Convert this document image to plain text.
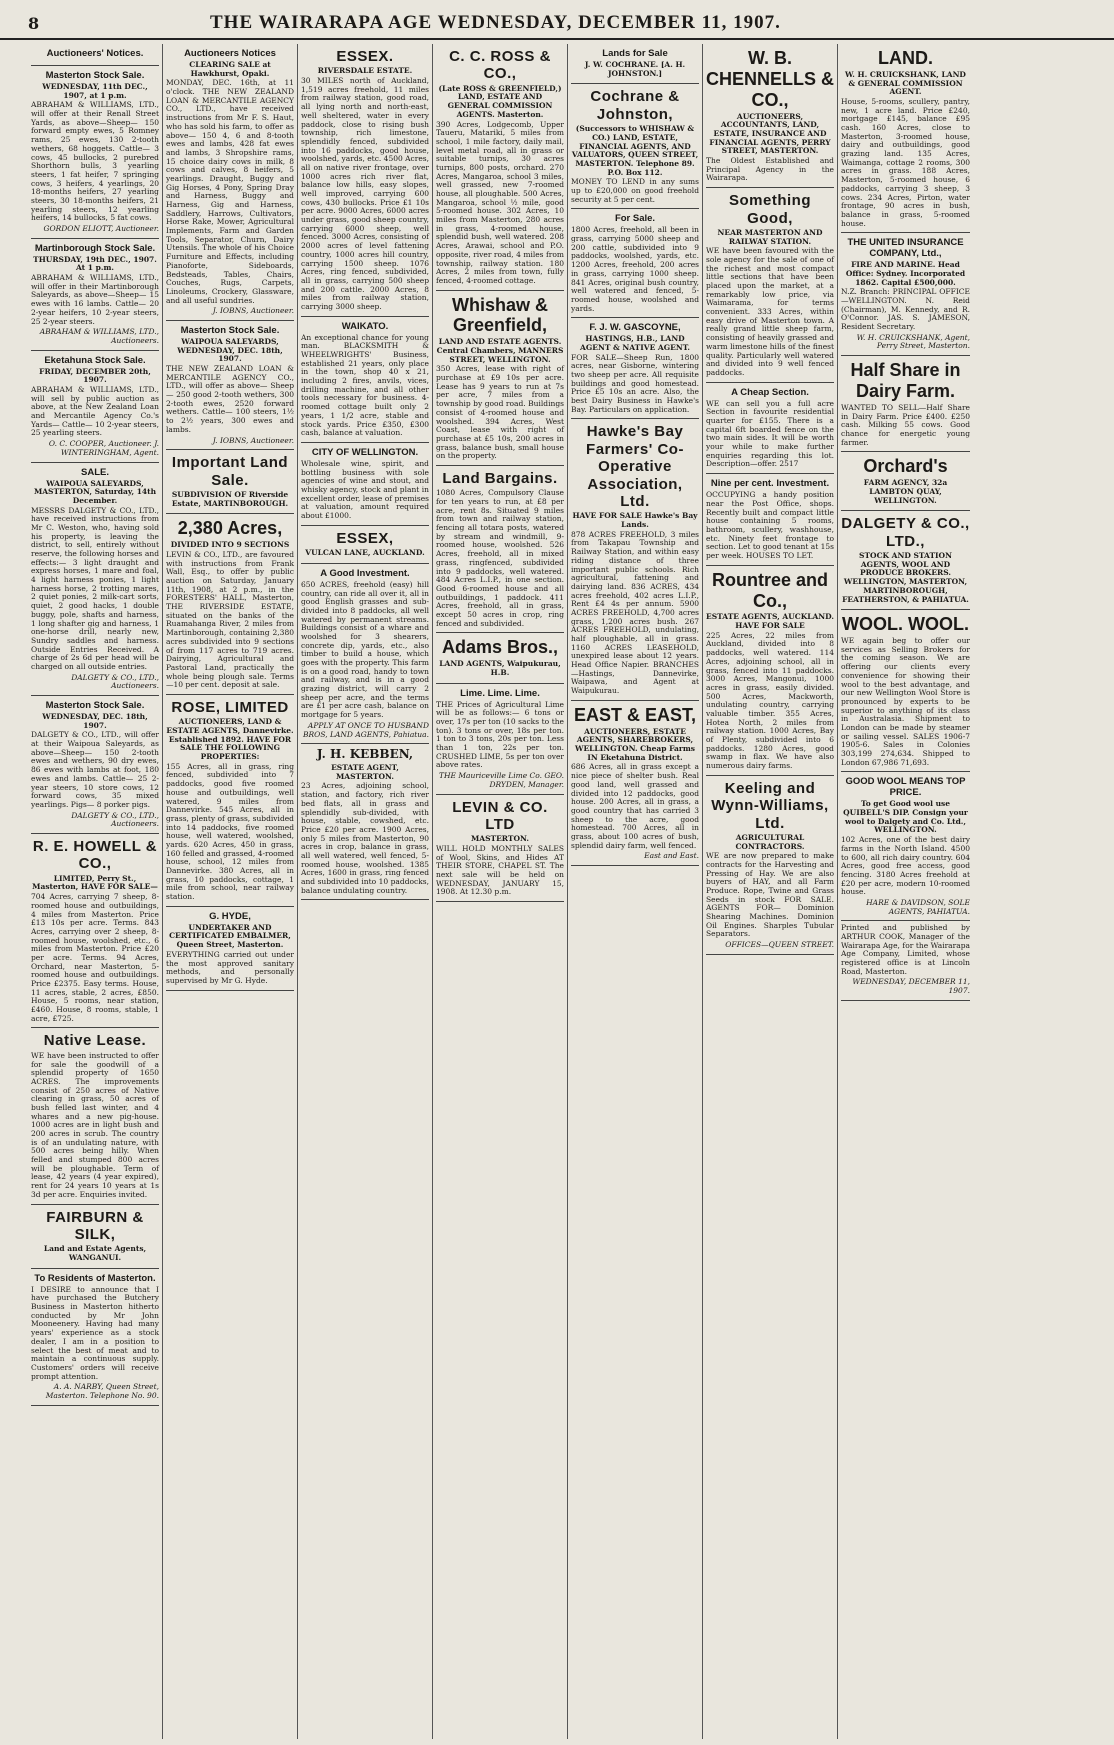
8	THE WAIRARAPA AGE WEDNESDAY, DECEMBER 11, 1907.
Auctioneers' Notices.
Masterton Stock Sale.
WEDNESDAY, 11th DEC., 1907, at 1 p.m.
ABRAHAM & WILLIAMS, LTD., will offer at their Renall Street Yards, as above—Sheep— 150 forward empty ewes, 5 Romney rams, 25 ewes, 130 2-tooth wethers, 68 hoggets. Cattle— 3 cows, 45 bullocks, 2 purebred Shorthorn bulls, 3 yearling steers, 1 fat heifer, 7 springing cows, 3 heifers, 4 yearlings, 20 18-months heifers, 27 yearling steers, 30 18-months heifers, 21 yearling steers, 12 yearling heifers, 14 bullocks, 5 fat cows.
GORDON ELIOTT, Auctioneer.
Martinborough Stock Sale.
THURSDAY, 19th DEC., 1907. At 1 p.m.
ABRAHAM & WILLIAMS, LTD., will offer in their Martinborough Saleyards, as above—Sheep— 15 ewes with 16 lambs. Cattle— 20 2-year heifers, 10 2-year steers, 25 2-year steers.
ABRAHAM & WILLIAMS, LTD., Auctioneers.
Eketahuna Stock Sale.
FRIDAY, DECEMBER 20th, 1907.
ABRAHAM & WILLIAMS, LTD., will sell by public auction as above, at the New Zealand Loan and Mercantile Agency Co.'s Yards— Cattle— 10 2-year steers, 25 yearling steers.
O. C. COOPER, Auctioneer. J. WINTERINGHAM, Agent.
SALE.
WAIPOUA SALEYARDS, MASTERTON, Saturday, 14th December.
MESSRS DALGETY & CO., LTD., have received instructions from Mr C. Weston, who, having sold his property, is leaving the district, to sell, entirely without reserve, the following horses and effects:— 3 light draught and express horses, 1 mare and foal, 4 light harness ponies, 1 light harness horse, 2 trotting mares, 2 quiet ponies, 2 milk-cart sorts, quiet, 2 good hacks, 1 double buggy, pole, shafts and harness, 1 long shafter gig and harness, 1 one-horse drill, nearly new, Sundry saddles and harness. Outside Entries Received. A charge of 2s 6d per head will be charged on all outside entries.
DALGETY & CO., LTD., Auctioneers.
Masterton Stock Sale.
WEDNESDAY, DEC. 18th, 1907.
DALGETY & CO., LTD., will offer at their Waipoua Saleyards, as above—Sheep— 150 2-tooth ewes and wethers, 90 dry ewes, 86 ewes with lambs at foot, 180 ewes and lambs. Cattle— 25 2-year steers, 10 store cows, 12 forward cows, 35 mixed yearlings. Pigs— 8 porker pigs.
DALGETY & CO., LTD., Auctioneers.
R. E. HOWELL & CO.,
LIMITED, Perry St., Masterton, HAVE FOR SALE—
704 Acres, carrying 7 sheep, 8-roomed house and outbuildings, 4 miles from Masterton. Price £13 10s per acre. Terms. 843 Acres, carrying over 2 sheep, 8-roomed house, woolshed, etc., 6 miles from Masterton. Price £20 per acre. Terms. 94 Acres, Orchard, near Masterton, 5-roomed house and outbuildings. Price £2375. Easy terms. House, 11 acres, stable, 2 acres, £850. House, 5 rooms, near station, £460. House, 8 rooms, stable, 1 acre, £725.
Native Lease.
WE have been instructed to offer for sale the goodwill of a splendid property of 1650 ACRES. The improvements consist of 250 acres of Native clearing in grass, 50 acres of bush felled last winter, and 4 whares and a new pig-house. 1000 acres are in light bush and 200 acres in scrub. The country is of an undulating nature, with 500 acres being hilly. When felled and stumped 800 acres will be ploughable. Term of lease, 42 years (4 year expired), rent for 24 years 10 years at 1s 3d per acre. Enquiries invited.
FAIRBURN & SILK,
Land and Estate Agents, WANGANUI.
To Residents of Masterton.
I DESIRE to announce that I have purchased the Butchery Business in Masterton hitherto conducted by Mr John Mooneenery. Having had many years' experience as a stock dealer, I am in a position to select the best of meat and to maintain a continuous supply. Customers' orders will receive prompt attention.
A. A. NARBY, Queen Street, Masterton. Telephone No. 90.
Auctioneers Notices
CLEARING SALE at Hawkhurst, Opaki.
MONDAY, DEC. 16th, at 11 o'clock. THE NEW ZEALAND LOAN & MERCANTILE AGENCY CO., LTD., have received instructions from Mr F. S. Haut, who has sold his farm, to offer as above— 150 4, 6 and 8-tooth ewes and lambs, 428 fat ewes and lambs, 3 Shropshire rams, 15 choice dairy cows in milk, 8 cows and calves, 8 heifers, 5 yearlings. Draught, Buggy and Gig Horses, 4 Pony, Spring Dray and Harness, Buggy and Harness, Gig and Harness, Saddlery, Harrows, Cultivators, Horse Rake, Mower, Agricultural Implements, Farm and Garden Tools, Separator, Churn, Dairy Utensils. The whole of his Choice Furniture and Effects, including Pianoforte, Sideboards, Bedsteads, Tables, Chairs, Couches, Rugs, Carpets, Linoleums, Crockery, Glassware, and all useful sundries.
J. IOBNS, Auctioneer.
Masterton Stock Sale.
WAIPOUA SALEYARDS, WEDNESDAY, DEC. 18th, 1907.
THE NEW ZEALAND LOAN & MERCANTILE AGENCY CO., LTD., will offer as above— Sheep— 250 good 2-tooth wethers, 300 2-tooth ewes, 2520 forward wethers. Cattle— 100 steers, 1½ to 2½ years, 300 ewes and lambs.
J. IOBNS, Auctioneer.
Important Land Sale.
SUBDIVISION OF Riverside Estate, MARTINBOROUGH.
2,380 Acres,
DIVIDED INTO 9 SECTIONS
LEVIN & CO., LTD., are favoured with instructions from Frank Wall, Esq., to offer by public auction on Saturday, January 11th, 1908, at 2 p.m., in the FORESTERS' HALL, Masterton, THE RIVERSIDE ESTATE, situated on the banks of the Ruamahanga River, 2 miles from Martinborough, containing 2,380 acres subdivided into 9 sections of from 117 acres to 719 acres. Dairying, Agricultural and Pastoral Land, practically the whole being plough sale. Terms—10 per cent. deposit at sale.
ROSE, LIMITED
AUCTIONEERS, LAND & ESTATE AGENTS, Dannevirke. Established 1892. HAVE FOR SALE THE FOLLOWING PROPERTIES:
155 Acres, all in grass, ring fenced, subdivided into 7 paddocks, good five roomed house and outbuildings, well watered, 9 miles from Dannevirke. 545 Acres, all in grass, plenty of grass, subdivided into 14 paddocks, five roomed house, well watered, woolshed, yards. 620 Acres, 450 in grass, 160 felled and grassed, 4-roomed house, school, 12 miles from Dannevirke. 380 Acres, all in grass, 10 paddocks, cottage, 1 mile from school, near railway station.
G. HYDE,
UNDERTAKER AND CERTIFICATED EMBALMER, Queen Street, Masterton.
EVERYTHING carried out under the most approved sanitary methods, and personally supervised by Mr G. Hyde.
ESSEX.
RIVERSDALE ESTATE.
30 MILES north of Auckland, 1,519 acres freehold, 11 miles from railway station, good road, all lying north and north-east, well sheltered, water in every paddock, close to rising bush township, rich limestone, splendidly fenced, subdivided into 16 paddocks, good house, woolshed, yards, etc. 4500 Acres, all on native river frontage, over 1000 acres rich river flat, balance low hills, easy slopes, well improved, carrying 600 cows, 430 bullocks. Price £1 10s per acre. 9000 Acres, 6000 acres under grass, good sheep country, carrying 6000 sheep, well fenced. 3000 Acres, consisting of 2000 acres of level fattening country, 1000 acres hill country, carrying 1500 sheep. 1076 Acres, ring fenced, subdivided, all in grass, carrying 500 sheep and 200 cattle. 2000 Acres, 8 miles from railway station, carrying 3000 sheep.
WAIKATO.
An exceptional chance for young man. BLACKSMITH & WHEELWRIGHTS' Business, established 21 years, only place in the town, shop 40 x 21, including 2 fires, anvils, vices, drilling machine, and all other tools necessary for business. 4-roomed cottage built only 2 years, 1 1/2 acre, stable and stock yards. Price £350, £300 cash, balance at valuation.
CITY OF WELLINGTON.
Wholesale wine, spirit, and bottling business with sole agencies of wine and stout, and whisky agency, stock and plant in excellent order, lease of premises at valuation, amount required about £1000.
ESSEX,
VULCAN LANE, AUCKLAND.
A Good Investment.
650 ACRES, freehold (easy) hill country, can ride all over it, all in good English grasses and sub-divided into 8 paddocks, all well watered by permanent streams. Buildings consist of a whare and woolshed for 3 shearers, concrete dip, yards, etc., also timber to build a house, which goes with the property. This farm is on a good road, handy to town and railway, and is in a good grazing district, will carry 2 sheep per acre, and the terms are £1 per acre cash, balance on mortgage for 5 years.
APPLY AT ONCE TO HUSBAND BROS, LAND AGENTS, Pahiatua.
J. H. KEBBEN,
ESTATE AGENT, MASTERTON.
23 Acres, adjoining school, station, and factory, rich river bed flats, all in grass and splendidly sub-divided, with house, stable, cowshed, etc. Price £20 per acre. 1900 Acres, only 5 miles from Masterton, 90 acres in crop, balance in grass, all well watered, well fenced, 5-roomed house, woolshed. 1385 Acres, 1600 in grass, ring fenced and subdivided into 10 paddocks, balance undulating country.
C. C. ROSS & CO.,
(Late ROSS & GREENFIELD,) LAND, ESTATE AND GENERAL COMMISSION AGENTS. Masterton.
390 Acres, Lodgecomb, Upper Taueru, Matariki, 5 miles from school, 1 mile factory, daily mail, level metal road, all in grass or suitable turnips, 30 acres turnips, 800 posts, orchard. 270 Acres, Mangaroa, school 3 miles, well grassed, new 7-roomed house, all ploughable. 500 Acres, Mangaroa, school ½ mile, good 5-roomed house. 302 Acres, 10 miles from Masterton, 280 acres in grass, 4-roomed house, splendid bush, well watered. 208 Acres, Arawai, school and P.O. opposite, river road, 4 miles from township, railway station. 180 Acres, 2 miles from town, fully fenced, 4-roomed cottage.
Whishaw & Greenfield,
LAND AND ESTATE AGENTS. Central Chambers, MANNERS STREET, WELLINGTON.
350 Acres, lease with right of purchase at £9 10s per acre. Lease has 9 years to run at 7s per acre, 7 miles from a township by good road. Buildings consist of 4-roomed house and woolshed. 394 Acres, West Coast, lease with right of purchase at £5 10s, 200 acres in grass, balance bush, small house on the property.
Land Bargains.
1080 Acres, Compulsory Clause for ten years to run, at £8 per acre, rent 8s. Situated 9 miles from town and railway station, fencing all totara posts, watered by stream and windmill, 9-roomed house, woolshed. 526 Acres, freehold, all in mixed grass, ringfenced, subdivided into 9 paddocks, well watered. 484 Acres L.I.P., in one section. Good 6-roomed house and all outbuildings, 1 paddock. 411 Acres, freehold, all in grass, except 50 acres in crop, ring fenced and subdivided.
Adams Bros.,
LAND AGENTS, Waipukurau, H.B.
Lime. Lime. Lime.
THE Prices of Agricultural Lime will be as follows:— 6 tons or over, 17s per ton (10 sacks to the ton). 3 tons or over, 18s per ton. 1 ton to 3 tons, 20s per ton. Less than 1 ton, 22s per ton. CRUSHED LIME, 5s per ton over above rates.
THE Mauriceville Lime Co. GEO. DRYDEN, Manager.
LEVIN & CO. LTD
MASTERTON.
WILL HOLD MONTHLY SALES of Wool, Skins, and Hides AT THEIR STORE, CHAPEL ST. The next sale will be held on WEDNESDAY, JANUARY 15, 1908. At 12.30 p.m.
Lands for Sale
J. W. COCHRANE. [A. H. JOHNSTON.]
Cochrane & Johnston,
(Successors to WHISHAW & CO.) LAND, ESTATE, FINANCIAL AGENTS, AND VALUATORS, QUEEN STREET, MASTERTON. Telephone 89. P.O. Box 112.
MONEY TO LEND in any sums up to £20,000 on good freehold security at 5 per cent.
For Sale.
1800 Acres, freehold, all been in grass, carrying 5000 sheep and 200 cattle, subdivided into 9 paddocks, woolshed, yards, etc. 1200 Acres, freehold, 200 acres in grass, carrying 1000 sheep. 841 Acres, original bush country, well watered and fenced, 5-roomed house, woolshed and yards.
F. J. W. GASCOYNE,
HASTINGS, H.B., LAND AGENT & NATIVE AGENT.
FOR SALE—Sheep Run, 1800 acres, near Gisborne, wintering two sheep per acre. All requisite buildings and good homestead. Price £5 10s an acre. Also, the best Dairy Business in Hawke's Bay. Particulars on application.
Hawke's Bay Farmers' Co-Operative Association, Ltd.
HAVE FOR SALE Hawke's Bay Lands.
878 ACRES FREEHOLD, 3 miles from Takapau Township and Railway Station, and within easy riding distance of three important public schools. Rich agricultural, fattening and dairying land. 836 ACRES, 434 acres freehold, 402 acres L.I.P., Rent £4 4s per annum. 5900 ACRES FREEHOLD, 4,700 acres grass, 1,200 acres bush. 267 ACRES FREEHOLD, undulating, half ploughable, all in grass. 1160 ACRES LEASEHOLD, unexpired lease about 12 years. Head Office Napier. BRANCHES—Hastings, Dannevirke, Waipawa, and Agent at Waipukurau.
EAST & EAST,
AUCTIONEERS, ESTATE AGENTS, SHAREBROKERS, WELLINGTON. Cheap Farms IN Eketahuna District.
686 Acres, all in grass except a nice piece of shelter bush. Real good land, well grassed and divided into 12 paddocks, good house. 200 Acres, all in grass, a good country that has carried 3 sheep to the acre, good homestead. 700 Acres, all in grass, about 100 acres of bush, splendid dairy farm, well fenced.
East and East.
W. B. CHENNELLS & CO.,
AUCTIONEERS, ACCOUNTANTS, LAND, ESTATE, INSURANCE AND FINANCIAL AGENTS, PERRY STREET, MASTERTON.
The Oldest Established and Principal Agency in the Wairarapa.
Something Good,
NEAR MASTERTON AND RAILWAY STATION.
WE have been favoured with the sole agency for the sale of one of the richest and most compact little sections that have been placed upon the market, at a remarkably low price, via Waimarama, for terms convenient. 333 Acres, within easy drive of Masterton town. A really grand little sheep farm, consisting of heavily grassed and warm limestone hills of the finest quality. Particularly well watered and divided into 9 well fenced paddocks.
A Cheap Section.
WE can sell you a full acre Section in favourite residential quarter for £155. There is a capital 6ft boarded fence on the two main sides. It will be worth your while to make further enquiries regarding this lot. Description—offer. 2517
Nine per cent. Investment.
OCCUPYING a handy position near the Post Office, shops. Recently built and compact little house containing 5 rooms, bathroom, scullery, washhouse, etc. Ninety feet frontage to section. Let to good tenant at 15s per week. HOUSES TO LET.
Rountree and Co.,
ESTATE AGENTS, AUCKLAND. HAVE FOR SALE
225 Acres, 22 miles from Auckland, divided into 8 paddocks, well watered. 114 Acres, adjoining school, all in grass, fenced into 11 paddocks. 3000 Acres, Mangonui, 1000 acres in grass, easily divided. 500 Acres, Mackworth, undulating country, carrying valuable timber. 355 Acres, Hotea North, 2 miles from railway station. 1000 Acres, Bay of Plenty, subdivided into 6 paddocks. 1280 Acres, good swamp in flax. We have also numerous dairy farms.
Keeling and Wynn-Williams, Ltd.
AGRICULTURAL CONTRACTORS.
WE are now prepared to make contracts for the Harvesting and Pressing of Hay. We are also buyers of HAY, and all Farm Produce. Rope, Twine and Grass Seeds in stock FOR SALE. AGENTS FOR— Dominion Shearing Machines. Dominion Oil Engines. Sharples Tubular Separators.
OFFICES—QUEEN STREET.
LAND.
W. H. CRUICKSHANK, LAND & GENERAL COMMISSION AGENT.
House, 5-rooms, scullery, pantry, new, 1 acre land. Price £240, mortgage £145, balance £95 cash. 160 Acres, close to Masterton, 3-roomed house, dairy and outbuildings, good grazing land. 135 Acres, Waimanga, cottage 2 rooms, 300 acres in grass. 188 Acres, Masterton, 5-roomed house, 6 paddocks, carrying 3 sheep, 3 cows. 234 Acres, Pirton, water frontage, 90 acres in bush, balance in grass, 5-roomed house.
THE UNITED INSURANCE COMPANY, Ltd.,
FIRE AND MARINE. Head Office: Sydney. Incorporated 1862. Capital £500,000.
N.Z. Branch: PRINCIPAL OFFICE—WELLINGTON. N. Reid (Chairman), M. Kennedy, and R. O'Connor. JAS. S. JAMESON, Resident Secretary.
W. H. CRUICKSHANK, Agent, Perry Street, Masterton.
Half Share in Dairy Farm.
WANTED TO SELL—Half Share in Dairy Farm. Price £400. £250 cash. Milking 55 cows. Good chance for energetic young farmer.
Orchard's
FARM AGENCY, 32a LAMBTON QUAY, WELLINGTON.
DALGETY & CO., LTD.,
STOCK AND STATION AGENTS, WOOL AND PRODUCE BROKERS. WELLINGTON, MASTERTON, MARTINBOROUGH, FEATHERSTON, & PAHIATUA.
WOOL. WOOL.
WE again beg to offer our services as Selling Brokers for the coming season. We are offering our clients every convenience for showing their wool to the best advantage, and our new Wellington Wool Store is pronounced by experts to be superior to anything of its class in Australasia. Shipment to London can be made by steamer or sailing vessel. SALES 1906-7 1905-6. Sales in Colonies 303,199 274,634. Shipped to London 67,986 71,693.
GOOD WOOL MEANS TOP PRICE.
To get Good wool use QUIBELL'S DIP. Consign your wool to Dalgety and Co. Ltd., WELLINGTON.
102 Acres, one of the best dairy farms in the North Island. 4500 to 600, all rich dairy country. 604 Acres, good free access, good fencing. 3180 Acres freehold at £20 per acre, modern 10-roomed house.
HARE & DAVIDSON, SOLE AGENTS, PAHIATUA.
Printed and published by ARTHUR COOK, Manager of the Wairarapa Age, for the Wairarapa Age Company, Limited, whose registered office is at Lincoln Road, Masterton.
WEDNESDAY, DECEMBER 11, 1907.
